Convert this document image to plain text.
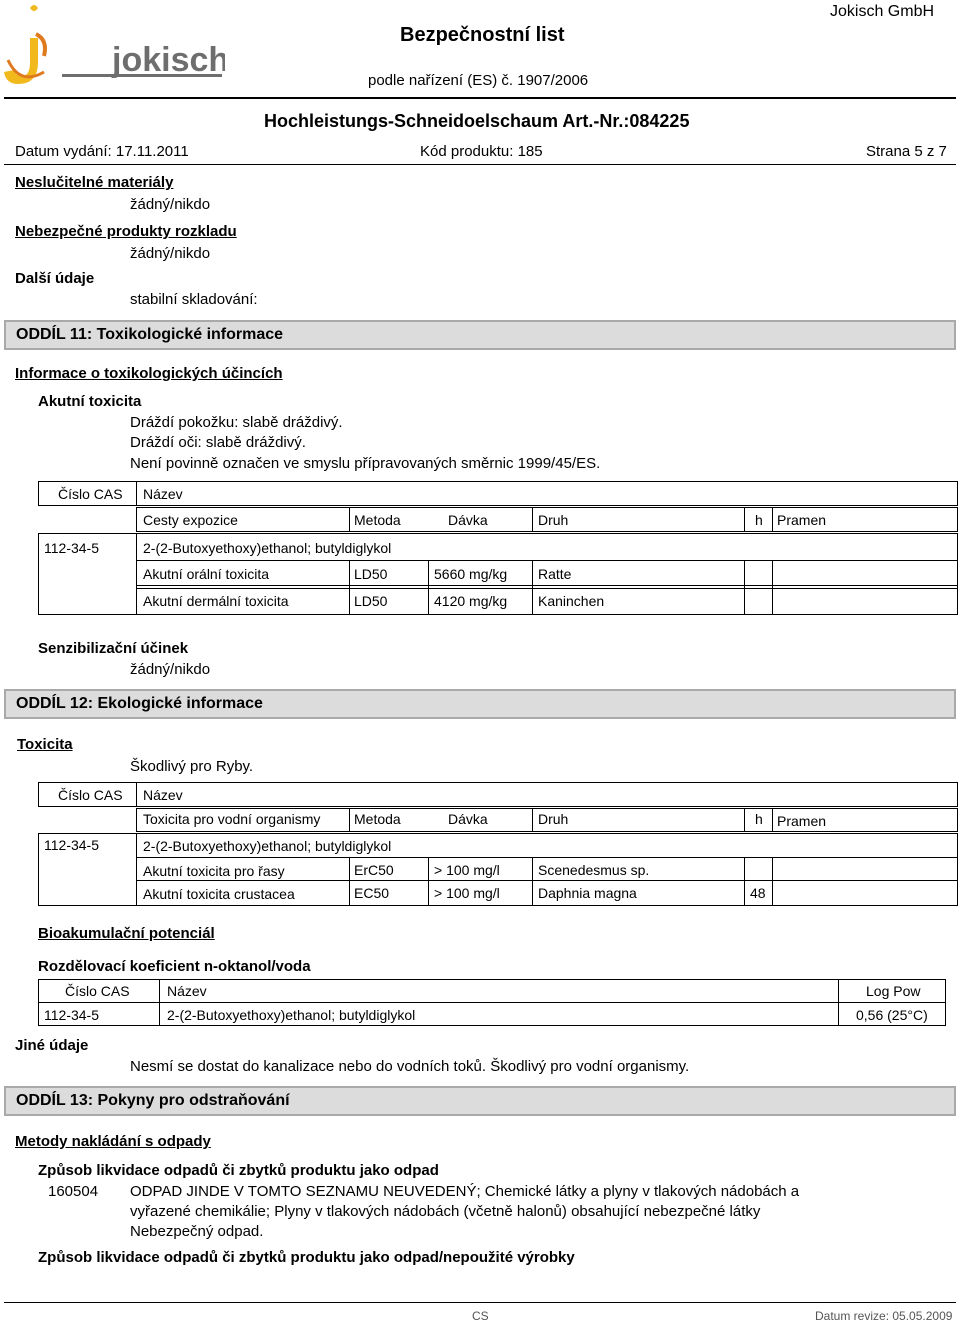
jokisch
Bezpečnostní list
podle nařízení (ES) č. 1907/2006
Jokisch GmbH
Hochleistungs-Schneidoelschaum Art.-Nr.:084225
Datum vydání: 17.11.2011	Kód produktu: 185	Strana 5 z 7
Neslučitelné materiály
žádný/nikdo
Nebezpečné produkty rozkladu
žádný/nikdo
Další údaje
stabilní skladování:
ODDÍL 11: Toxikologické informace
Informace o toxikologických účincích
Akutní toxicita
Dráždí pokožku: slabě dráždivý.
Dráždí oči: slabě dráždivý.
Není povinně označen ve smyslu přípravovaných směrnic 1999/45/ES.
Číslo CAS Název
Cesty expozice	Metoda	Dávka	Druh	h Pramen
112-34-5	2-(2-Butoxyethoxy)ethanol; butyldiglykol
Akutní orální toxicita	LD50	5660 mg/kg Ratte
Akutní dermální toxicita	LD50	4120 mg/kg Kaninchen
Senzibilizační účinek
žádný/nikdo
ODDÍL 12: Ekologické informace
Toxicita
Škodlivý pro Ryby.
Číslo CAS Název
Toxicita pro vodní organismy Metoda	Dávka	Druh	h Pramen
112-34-5	2-(2-Butoxyethoxy)ethanol; butyldiglykol
Akutní toxicita pro řasy	ErC50	> 100 mg/l	Scenedesmus sp.
Akutní toxicita crustacea	EC50	> 100 mg/l	Daphnia magna	48
Bioakumulační potenciál
Rozdělovací koeficient n-oktanol/voda
Číslo CAS	Název	Log Pow
112-34-5	2-(2-Butoxyethoxy)ethanol; butyldiglykol	0,56 (25°C)
Jiné údaje
Nesmí se dostat do kanalizace nebo do vodních toků. Škodlivý pro vodní organismy.
ODDÍL 13: Pokyny pro odstraňování
Metody nakládání s odpady
Způsob likvidace odpadů či zbytků produktu jako odpad
160504 ODPAD JINDE V TOMTO SEZNAMU NEUVEDENÝ; Chemické látky a plyny v tlakových nádobách a
vyřazené chemikálie; Plyny v tlakových nádobách (včetně halonů) obsahující nebezpečné látky
Nebezpečný odpad.
Způsob likvidace odpadů či zbytků produktu jako odpad/nepoužité výrobky
CS	Datum revize: 05.05.2009
